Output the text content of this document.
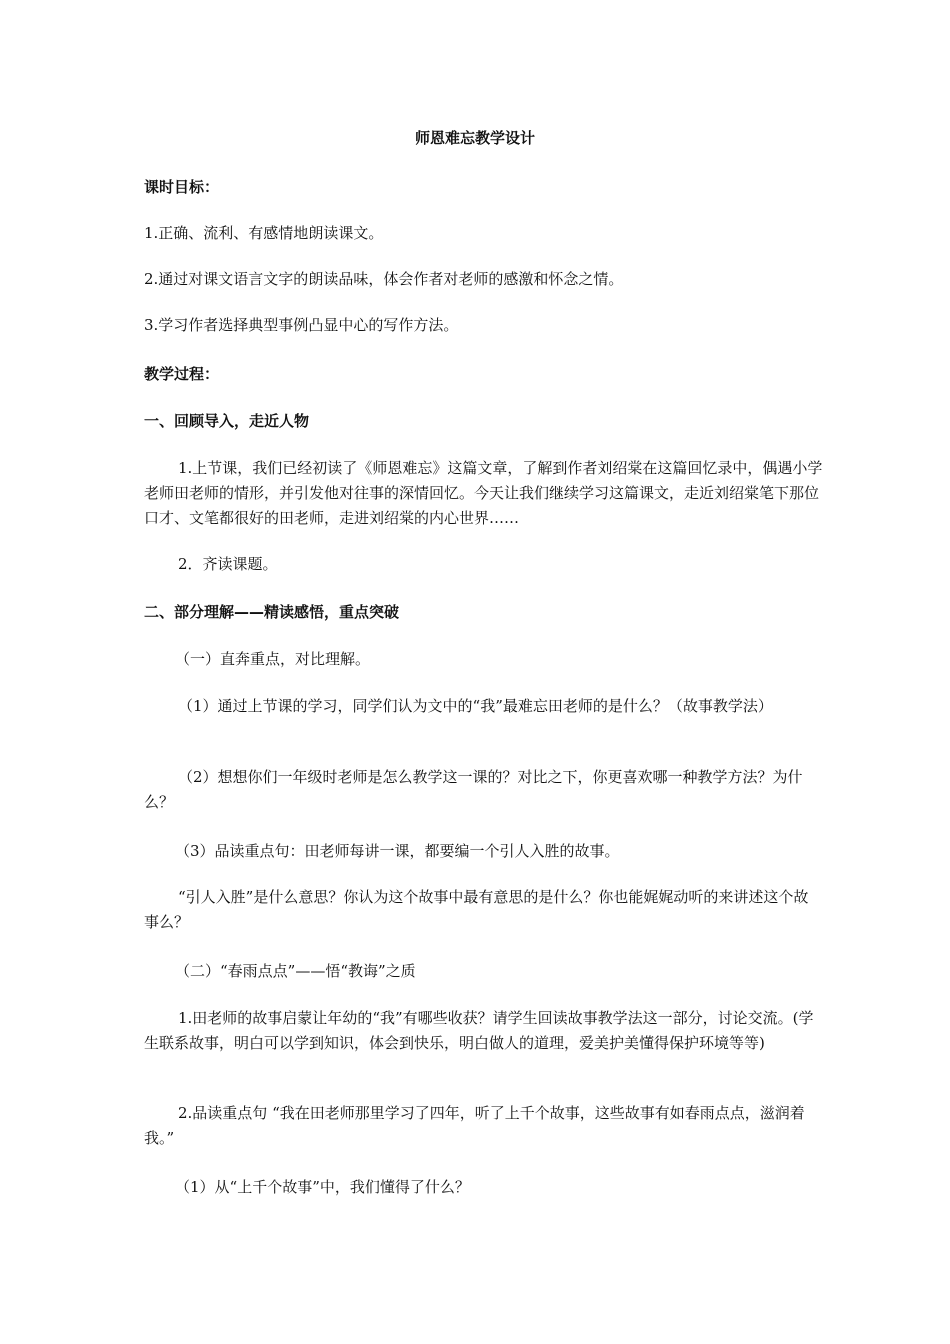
师恩难忘教学设计
课时目标：
1.正确、流利、有感情地朗读课文。
2.通过对课文语言文字的朗读品味，体会作者对老师的感激和怀念之情。
3.学习作者选择典型事例凸显中心的写作方法。
教学过程：
一、回顾导入，走近人物
1.上节课，我们已经初读了《师恩难忘》这篇文章，了解到作者刘绍棠在这篇回忆录中，偶遇小学老师田老师的情形，并引发他对往事的深情回忆。今天让我们继续学习这篇课文，走近刘绍棠笔下那位口才、文笔都很好的田老师，走进刘绍棠的内心世界……
2．齐读课题。
二、部分理解——精读感悟，重点突破
（一）直奔重点，对比理解。
（1）通过上节课的学习，同学们认为文中的“我”最难忘田老师的是什么？（故事教学法）
（2）想想你们一年级时老师是怎么教学这一课的？对比之下，你更喜欢哪一种教学方法？为什么？
（3）品读重点句：田老师每讲一课，都要编一个引人入胜的故事。
“引人入胜”是什么意思？你认为这个故事中最有意思的是什么？你也能娓娓动听的来讲述这个故事么？
（二）“春雨点点”——悟“教诲”之质
1.田老师的故事启蒙让年幼的“我”有哪些收获？请学生回读故事教学法这一部分，讨论交流。(学生联系故事，明白可以学到知识，体会到快乐，明白做人的道理，爱美护美懂得保护环境等等)
2.品读重点句 “我在田老师那里学习了四年，听了上千个故事，这些故事有如春雨点点，滋润着我。”
（1）从“上千个故事”中，我们懂得了什么？
